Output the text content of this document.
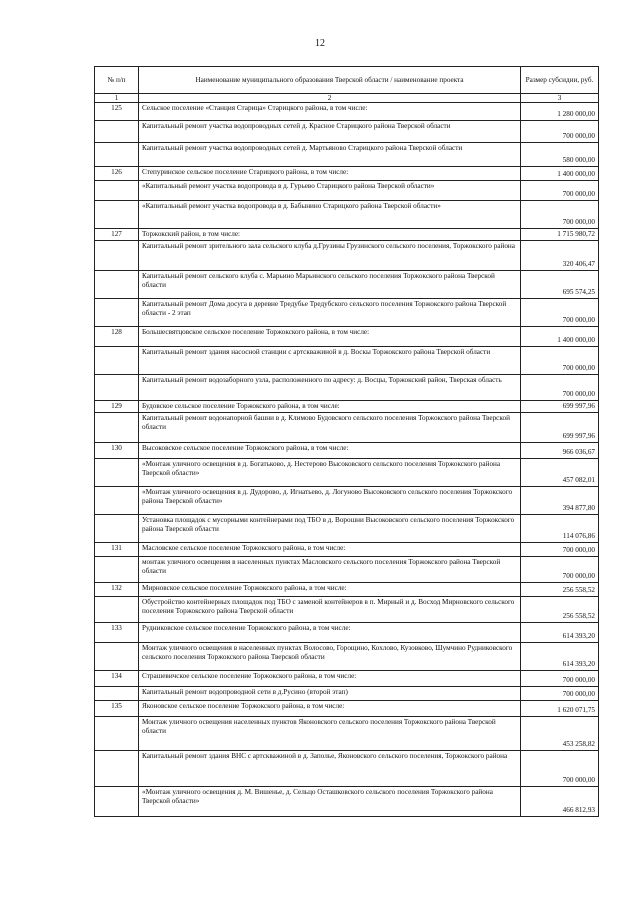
12
№ п/п	Наименование муниципального образования Тверской области / наименование проекта	Размер субсидии, руб.
1	2	3
125	Сельское поселение «Станция Старица» Старицкого района, в том числе:	1 280 000,00
	Капитальный ремонт участка водопроводных сетей д. Красное Старицкого района Тверской области	700 000,00
	Капитальный ремонт участка водопроводных сетей д. Мартьяново Старицкого района Тверской области	580 000,00
126	Степуринское сельское поселение Старицкого района, в том числе:	1 400 000,00
	«Капитальный ремонт участка водопровода в д. Гурьево Старицкого района Тверской области»	700 000,00
	«Капитальный ремонт участка водопровода в д. Бабынино Старицкого района Тверской области»	700 000,00
127	Торжокский район, в том числе:	1 715 980,72
	Капитальный ремонт зрительного зала сельского клуба д.Грузины Грузинского сельского поселения, Торжокского района	320 406,47
	Капитальный ремонт сельского клуба с. Марьино Марьинского сельского поселения Торжокского района Тверской области	695 574,25
	Капитальный ремонт Дома досуга в деревне Тредубье Тредубского сельского поселения Торжокского района Тверской области - 2 этап	700 000,00
128	Большесвятцовское сельское поселение Торжокского района, в том числе:	1 400 000,00
	Капитальный ремонт здания насосной станции с артскважиной в д. Воскы Торжокского района Тверской области	700 000,00
	Капитальный ремонт водозаборного узла, расположенного по адресу: д. Восцы, Торжокский район, Тверская область	700 000,00
129	Будовское сельское поселение Торжокского района, в том числе:	699 997,96
	Капитальный ремонт водонапорной башни в д. Климово Будовского сельского поселения Торжокского района Тверской области	699 997,96
130	Высоковское сельское поселение Торжокского района, в том числе:	966 036,67
	«Монтаж уличного освещения в д. Богатьково, д. Нестерово Высоковского сельского поселения Торжокского района Тверской области»	457 082,01
	«Монтаж уличного освещения в д. Дудорово, д. Игнатьево, д. Логуново Высоковского сельского поселения Торжокского района Тверской области»	394 877,80
	Установка площадок с мусорными контейнерами под ТБО в д. Ворошни Высоковского сельского поселения Торжокского района Тверской области	114 076,86
131	Масловское сельское поселение Торжокского района, в том числе:	700 000,00
	монтаж уличного освещения в населенных пунктах Масловского сельского поселения Торжокского района Тверской области	700 000,00
132	Мирновское сельское поселение Торжокского района, в том числе:	256 558,52
	Обустройство контейнерных площадок под ТБО с заменой контейнеров в п. Мирный и д. Восход Мирновского сельского поселения Торжокского района Тверской области	256 558,52
133	Рудниковское сельское поселение Торжокского района, в том числе:	614 393,20
	Монтаж уличного освещения в населенных пунктах Волосово, Горощино, Кохлово, Кузовково, Шумчино Рудниковского сельского поселения Торжокского района Тверской области	614 393,20
134	Страшевичское сельское поселение Торжокского района, в том числе:	700 000,00
	Капитальный ремонт водопроводной сети в д.Русино (второй этап)	700 000,00
135	Яконовское сельское поселение Торжокского района, в том числе:	1 620 071,75
	Монтаж уличного освещения населенных пунктов Яконовского сельского поселения Торжокского района Тверской области	453 258,82
	Капитальный ремонт здания ВНС с артскважиной в д. Заполье, Яконовского сельского поселения, Торжокского района	700 000,00
	«Монтаж уличного освещения д. М. Вишенье, д. Сельцо Осташковского сельского поселения Торжокского района Тверской области»	466 812,93
